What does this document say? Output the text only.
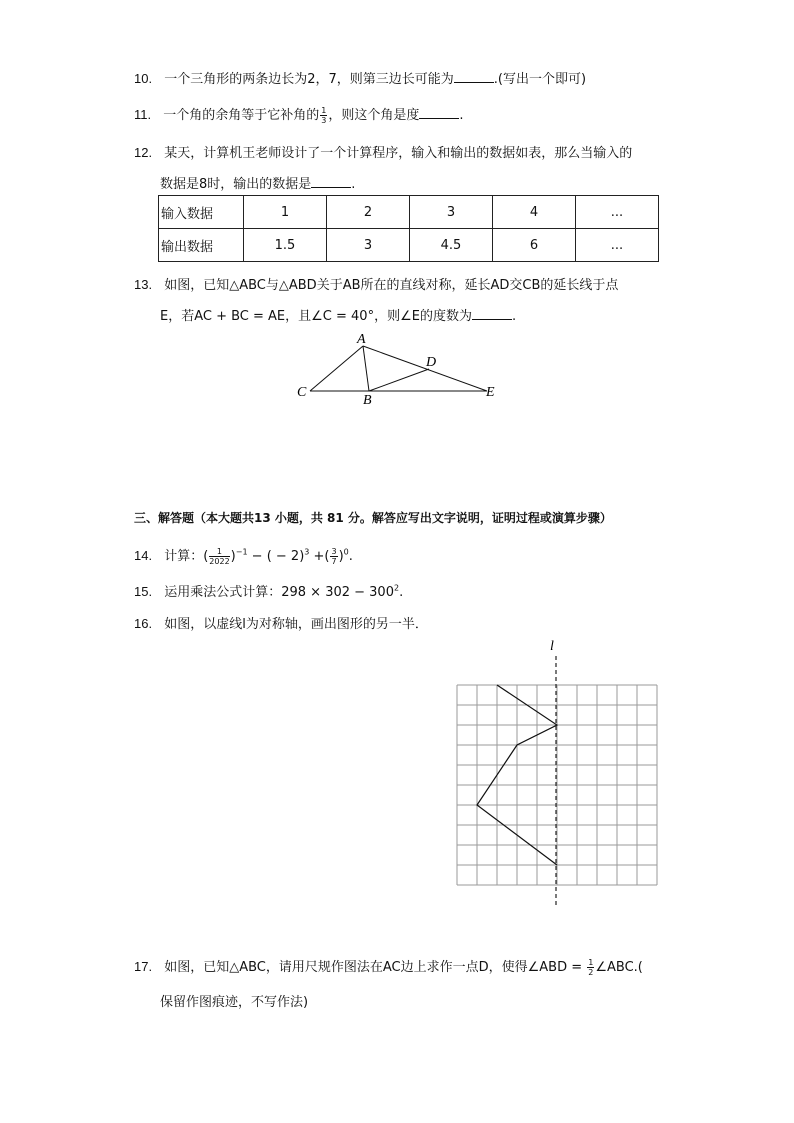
10. 一个三角形的两条边长为2，7，则第三边长可能为	.(写出一个即可)
11. 一个角的余角等于它补角的 $\frac{1}{3}$ ，则这个角是度	.
12. 某天，计算机王老师设计了一个计算程序，输入和输出的数据如表，那么当输入的
数据是8时，输出的数据是	.
输入数据	1	2	3	4	...
输出数据	1.5	3	4.5	6	...
13. 如图，已知△ABC与△ABD关于AB所在的直线对称，延长AD交CB的延长线于点
E，若AC + BC = AE，且∠C = 40°，则∠E的度数为	.
A
D
C
B
E
三、解答题（本大题共13 小题，共 81 分。解答应写出文字说明，证明过程或演算步骤）
14. 计算：( $\frac{1}{2022} )^{-1}$ − ( − 2)$^3$ +( $\frac{3}{7} )^0$.
15. 运用乘法公式计算：$298 \times 302 - 300^2$.
16. 如图，以虚线l为对称轴，画出图形的另一半．
l
17. 如图，已知△ABC，请用尺规作图法在AC边上求作一点D，使得∠ABD = $\frac{1}{2}$ ∠ABC.(
保留作图痕迹，不写作法)
